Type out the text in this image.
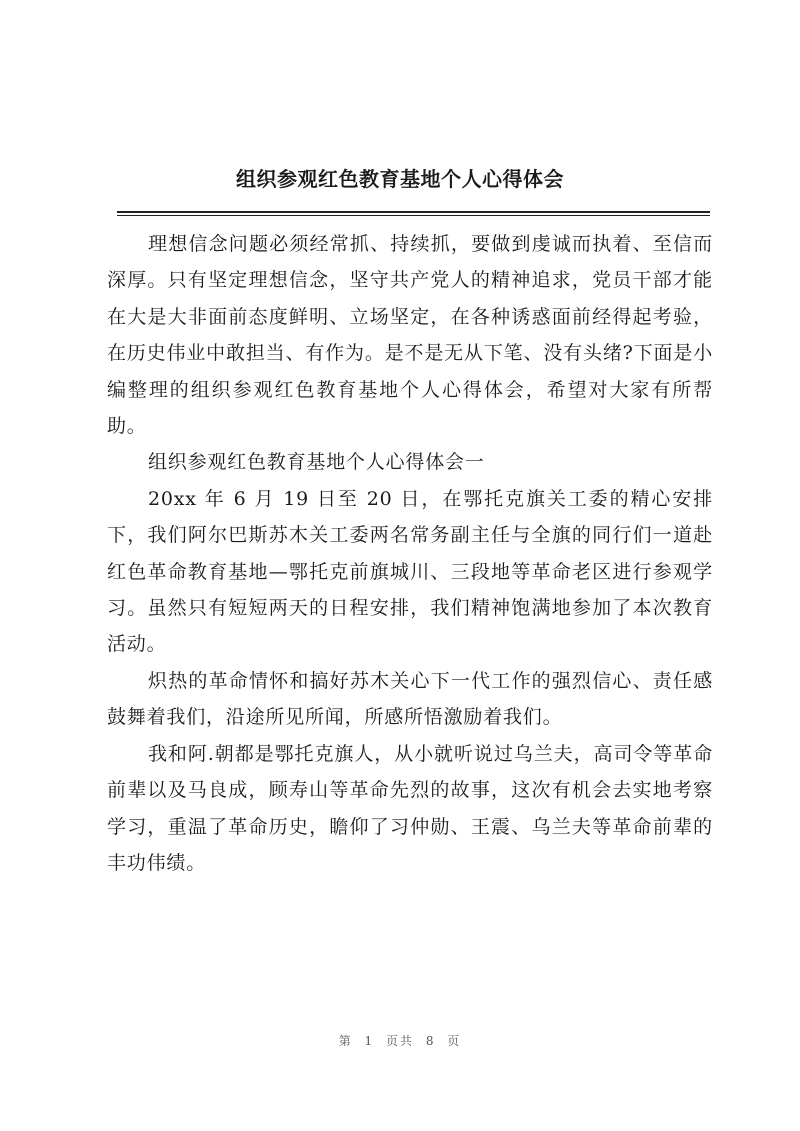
组织参观红色教育基地个人心得体会

理想信念问题必须经常抓、持续抓，要做到虔诚而执着、至信而深厚。只有坚定理想信念，坚守共产党人的精神追求，党员干部才能在大是大非面前态度鲜明、立场坚定，在各种诱惑面前经得起考验，在历史伟业中敢担当、有作为。是不是无从下笔、没有头绪?下面是小编整理的组织参观红色教育基地个人心得体会，希望对大家有所帮助。

组织参观红色教育基地个人心得体会一

20xx 年 6 月 19 日至 20 日，在鄂托克旗关工委的精心安排下，我们阿尔巴斯苏木关工委两名常务副主任与全旗的同行们一道赴红色革命教育基地—鄂托克前旗城川、三段地等革命老区进行参观学习。虽然只有短短两天的日程安排，我们精神饱满地参加了本次教育活动。

炽热的革命情怀和搞好苏木关心下一代工作的强烈信心、责任感鼓舞着我们，沿途所见所闻，所感所悟激励着我们。

我和阿.朝都是鄂托克旗人，从小就听说过乌兰夫，高司令等革命前辈以及马良成，顾寿山等革命先烈的故事，这次有机会去实地考察学习，重温了革命历史，瞻仰了习仲勋、王震、乌兰夫等革命前辈的丰功伟绩。

第 1 页共 8 页
